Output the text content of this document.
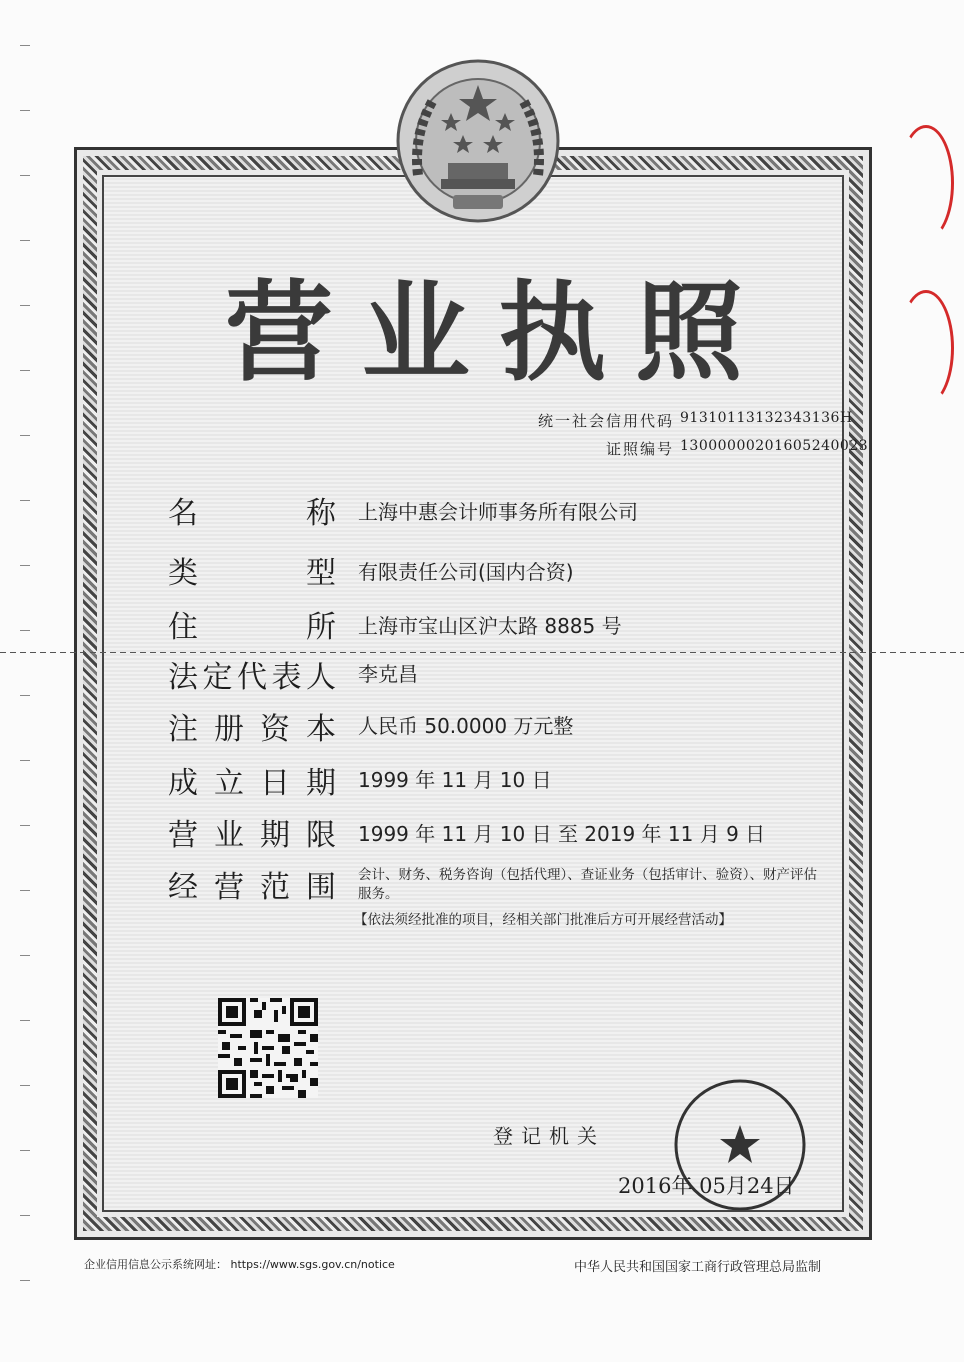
营 业 执 照
统一社会信用代码 91310113132343136H
证照编号 13000000201605240023
名	称 上海中惠会计师事务所有限公司
类	型 有限责任公司(国内合资)
住	所 上海市宝山区沪太路 8885 号
法 定 代 表 人 李克昌
注 册 资 本 人民币 50.0000 万元整
成 立 日 期 1999 年 11 月 10 日
营 业 期 限 1999 年 11 月 10 日 至 2019 年 11 月 9 日
经 营 范 围 会计、财务、税务咨询（包括代理）、查证业务（包括审计、验资）、财产评估服务。
【依法须经批准的项目，经相关部门批准后方可开展经营活动】
登记机关
2016年 05月24日
企业信用信息公示系统网址： https://www.sgs.gov.cn/notice	中华人民共和国国家工商行政管理总局监制
